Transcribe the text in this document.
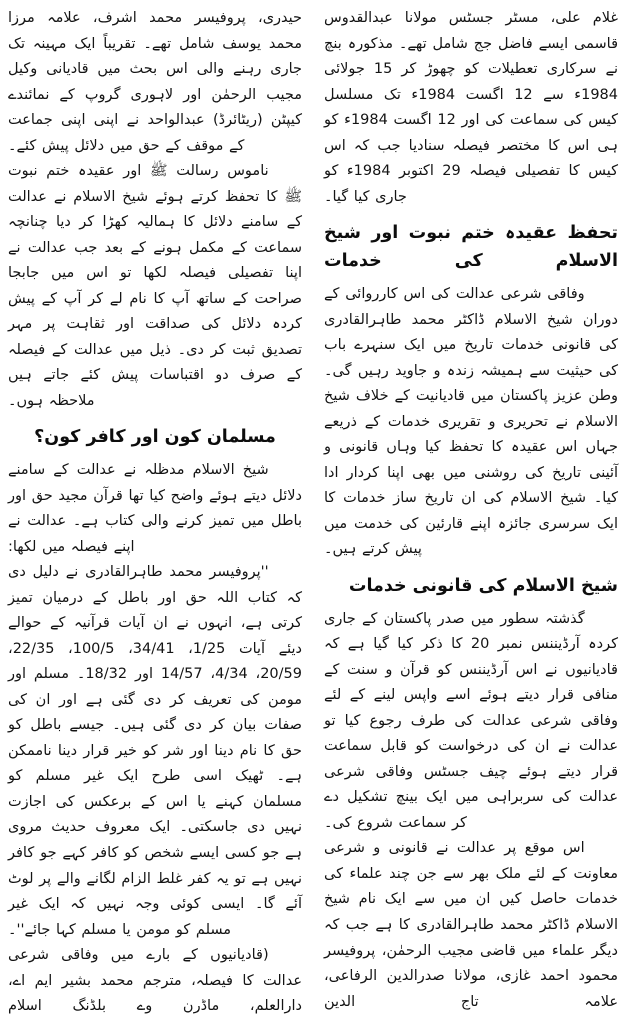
غلام علی، مسٹر جسٹس مولانا عبدالقدوس قاسمی ایسے فاضل جج شامل تھے۔ مذکورہ بنچ نے سرکاری تعطیلات کو چھوڑ کر 15 جولائی 1984ء سے 12 اگست 1984ء تک مسلسل کیس کی سماعت کی اور 12 اگست 1984ء کو ہی اس کا مختصر فیصلہ سنادیا جب کہ اس کیس کا تفصیلی فیصلہ 29 اکتوبر 1984ء کو جاری کیا گیا۔
تحفظ عقیدہ ختم نبوت اور شیخ الاسلام کی خدمات
وفاقی شرعی عدالت کی اس کارروائی کے دوران شیخ الاسلام ڈاکٹر محمد طاہرالقادری کی قانونی خدمات تاریخ میں ایک سنہرے باب کی حیثیت سے ہمیشہ زندہ و جاوید رہیں گی۔ وطن عزیز پاکستان میں قادیانیت کے خلاف شیخ الاسلام نے تحریری و تقریری خدمات کے ذریعے جہاں اس عقیدہ کا تحفظ کیا وہاں قانونی و آئینی تاریخ کی روشنی میں بھی اپنا کردار ادا کیا۔ شیخ الاسلام کی ان تاریخ ساز خدمات کا ایک سرسری جائزہ اپنے قارئین کی خدمت میں پیش کرتے ہیں۔
شیخ الاسلام کی قانونی خدمات
گذشتہ سطور میں صدر پاکستان کے جاری کردہ آرڈیننس نمبر 20 کا ذکر کیا گیا ہے کہ قادیانیوں نے اس آرڈیننس کو قرآن و سنت کے منافی قرار دیتے ہوئے اسے واپس لینے کے لئے وفاقی شرعی عدالت کی طرف رجوع کیا تو عدالت نے ان کی درخواست کو قابل سماعت قرار دیتے ہوئے چیف جسٹس وفاقی شرعی عدالت کی سربراہی میں ایک بینچ تشکیل دے کر سماعت شروع کی۔
اس موقع پر عدالت نے قانونی و شرعی معاونت کے لئے ملک بھر سے جن چند علماء کی خدمات حاصل کیں ان میں سے ایک نام شیخ الاسلام ڈاکٹر محمد طاہرالقادری کا ہے جب کہ دیگر علماء میں قاضی مجیب الرحمٰن، پروفیسر محمود احمد غازی، مولانا صدرالدین الرفاعی، علامہ تاج الدین
حیدری، پروفیسر محمد اشرف، علامہ مرزا محمد یوسف شامل تھے۔ تقریباً ایک مہینہ تک جاری رہنے والی اس بحث میں قادیانی وکیل مجیب الرحمٰن اور لاہوری گروپ کے نمائندے کیپٹن (ریٹائرڈ) عبدالواحد نے اپنی اپنی جماعت کے موقف کے حق میں دلائل پیش کئے۔
ناموس رسالت ﷺ اور عقیدہ ختم نبوت ﷺ کا تحفظ کرتے ہوئے شیخ الاسلام نے عدالت کے سامنے دلائل کا ہمالیہ کھڑا کر دیا چنانچہ سماعت کے مکمل ہونے کے بعد جب عدالت نے اپنا تفصیلی فیصلہ لکھا تو اس میں جابجا صراحت کے ساتھ آپ کا نام لے کر آپ کے پیش کردہ دلائل کی صداقت اور ثقاہت پر مہر تصدیق ثبت کر دی۔ ذیل میں عدالت کے فیصلہ کے صرف دو اقتباسات پیش کئے جاتے ہیں ملاحظہ ہوں۔
مسلمان کون اور کافر کون؟
شیخ الاسلام مدظلہ نے عدالت کے سامنے دلائل دیتے ہوئے واضح کیا تھا قرآن مجید حق اور باطل میں تمیز کرنے والی کتاب ہے۔ عدالت نے اپنے فیصلہ میں لکھا:
''پروفیسر محمد طاہرالقادری نے دلیل دی کہ کتاب اللہ حق اور باطل کے درمیان تمیز کرتی ہے، انہوں نے ان آیات قرآنیہ کے حوالے دیئے آیات 1/25، 34/41، 100/5، 22/35، 20/59، 4/34، 14/57 اور 18/32۔ مسلم اور مومن کی تعریف کر دی گئی ہے اور ان کی صفات بیان کر دی گئی ہیں۔ جیسے باطل کو حق کا نام دینا اور شر کو خیر قرار دینا ناممکن ہے۔ ٹھیک اسی طرح ایک غیر مسلم کو مسلمان کہنے یا اس کے برعکس کی اجازت نہیں دی جاسکتی۔ ایک معروف حدیث مروی ہے جو کسی ایسے شخص کو کافر کہے جو کافر نہیں ہے تو یہ کفر غلط الزام لگانے والے پر لوٹ آئے گا۔ ایسی کوئی وجہ نہیں کہ ایک غیر مسلم کو مومن یا مسلم کہا جائے''۔
(قادیانیوں کے بارے میں وفاقی شرعی عدالت کا فیصلہ، مترجم محمد بشیر ایم اے، دارالعلم، ماڈرن وے بلڈنگ اسلام
